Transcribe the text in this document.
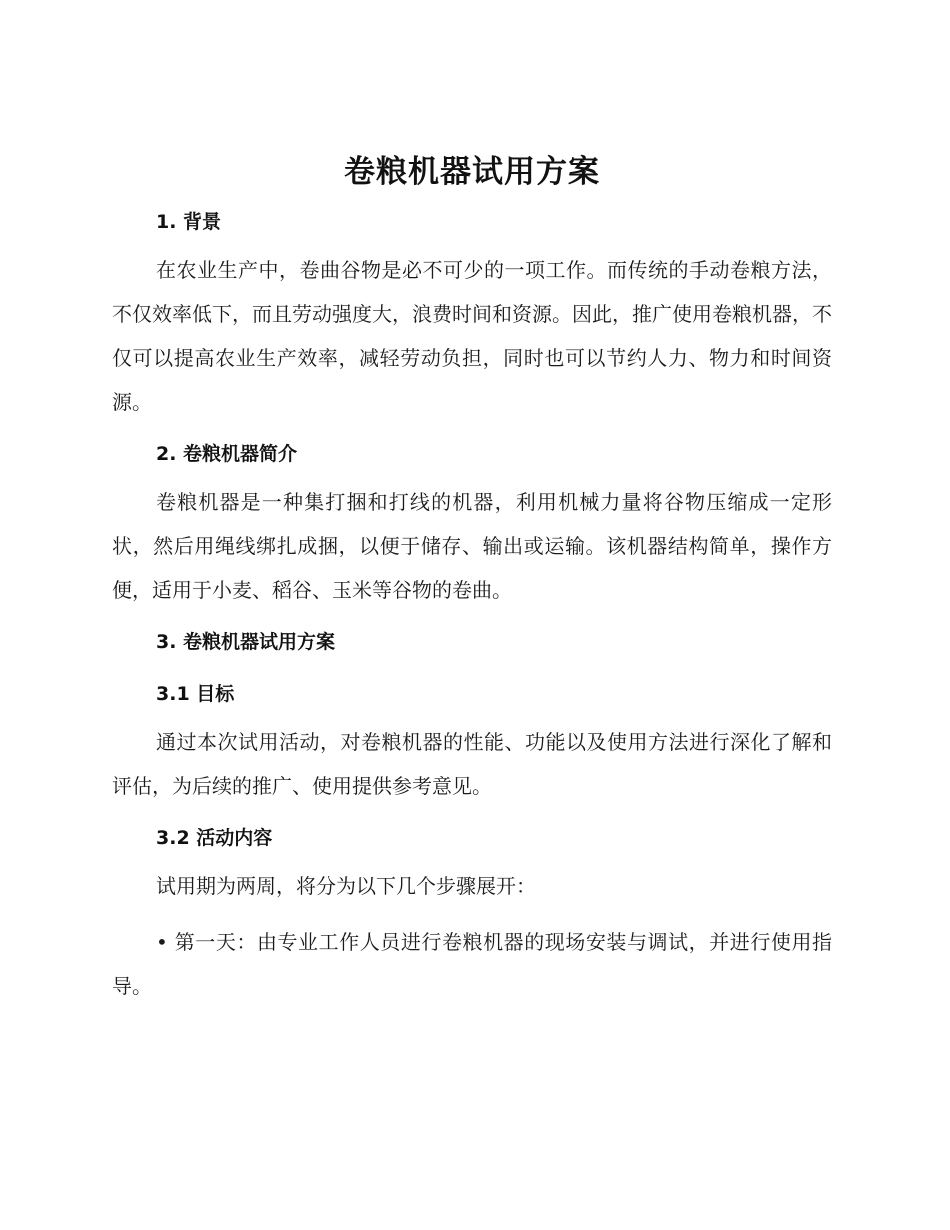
卷粮机器试用方案
1. 背景

在农业生产中，卷曲谷物是必不可少的一项工作。而传统的手动卷粮方法，不仅效率低下，而且劳动强度大，浪费时间和资源。因此，推广使用卷粮机器，不仅可以提高农业生产效率，减轻劳动负担，同时也可以节约人力、物力和时间资源。

2. 卷粮机器简介

卷粮机器是一种集打捆和打线的机器，利用机械力量将谷物压缩成一定形状，然后用绳线绑扎成捆，以便于储存、输出或运输。该机器结构简单，操作方便，适用于小麦、稻谷、玉米等谷物的卷曲。

3. 卷粮机器试用方案
3.1 目标

通过本次试用活动，对卷粮机器的性能、功能以及使用方法进行深化了解和评估，为后续的推广、使用提供参考意见。

3.2 活动内容

试用期为两周，将分为以下几个步骤展开：

• 第一天：由专业工作人员进行卷粮机器的现场安装与调试，并进行使用指导。
